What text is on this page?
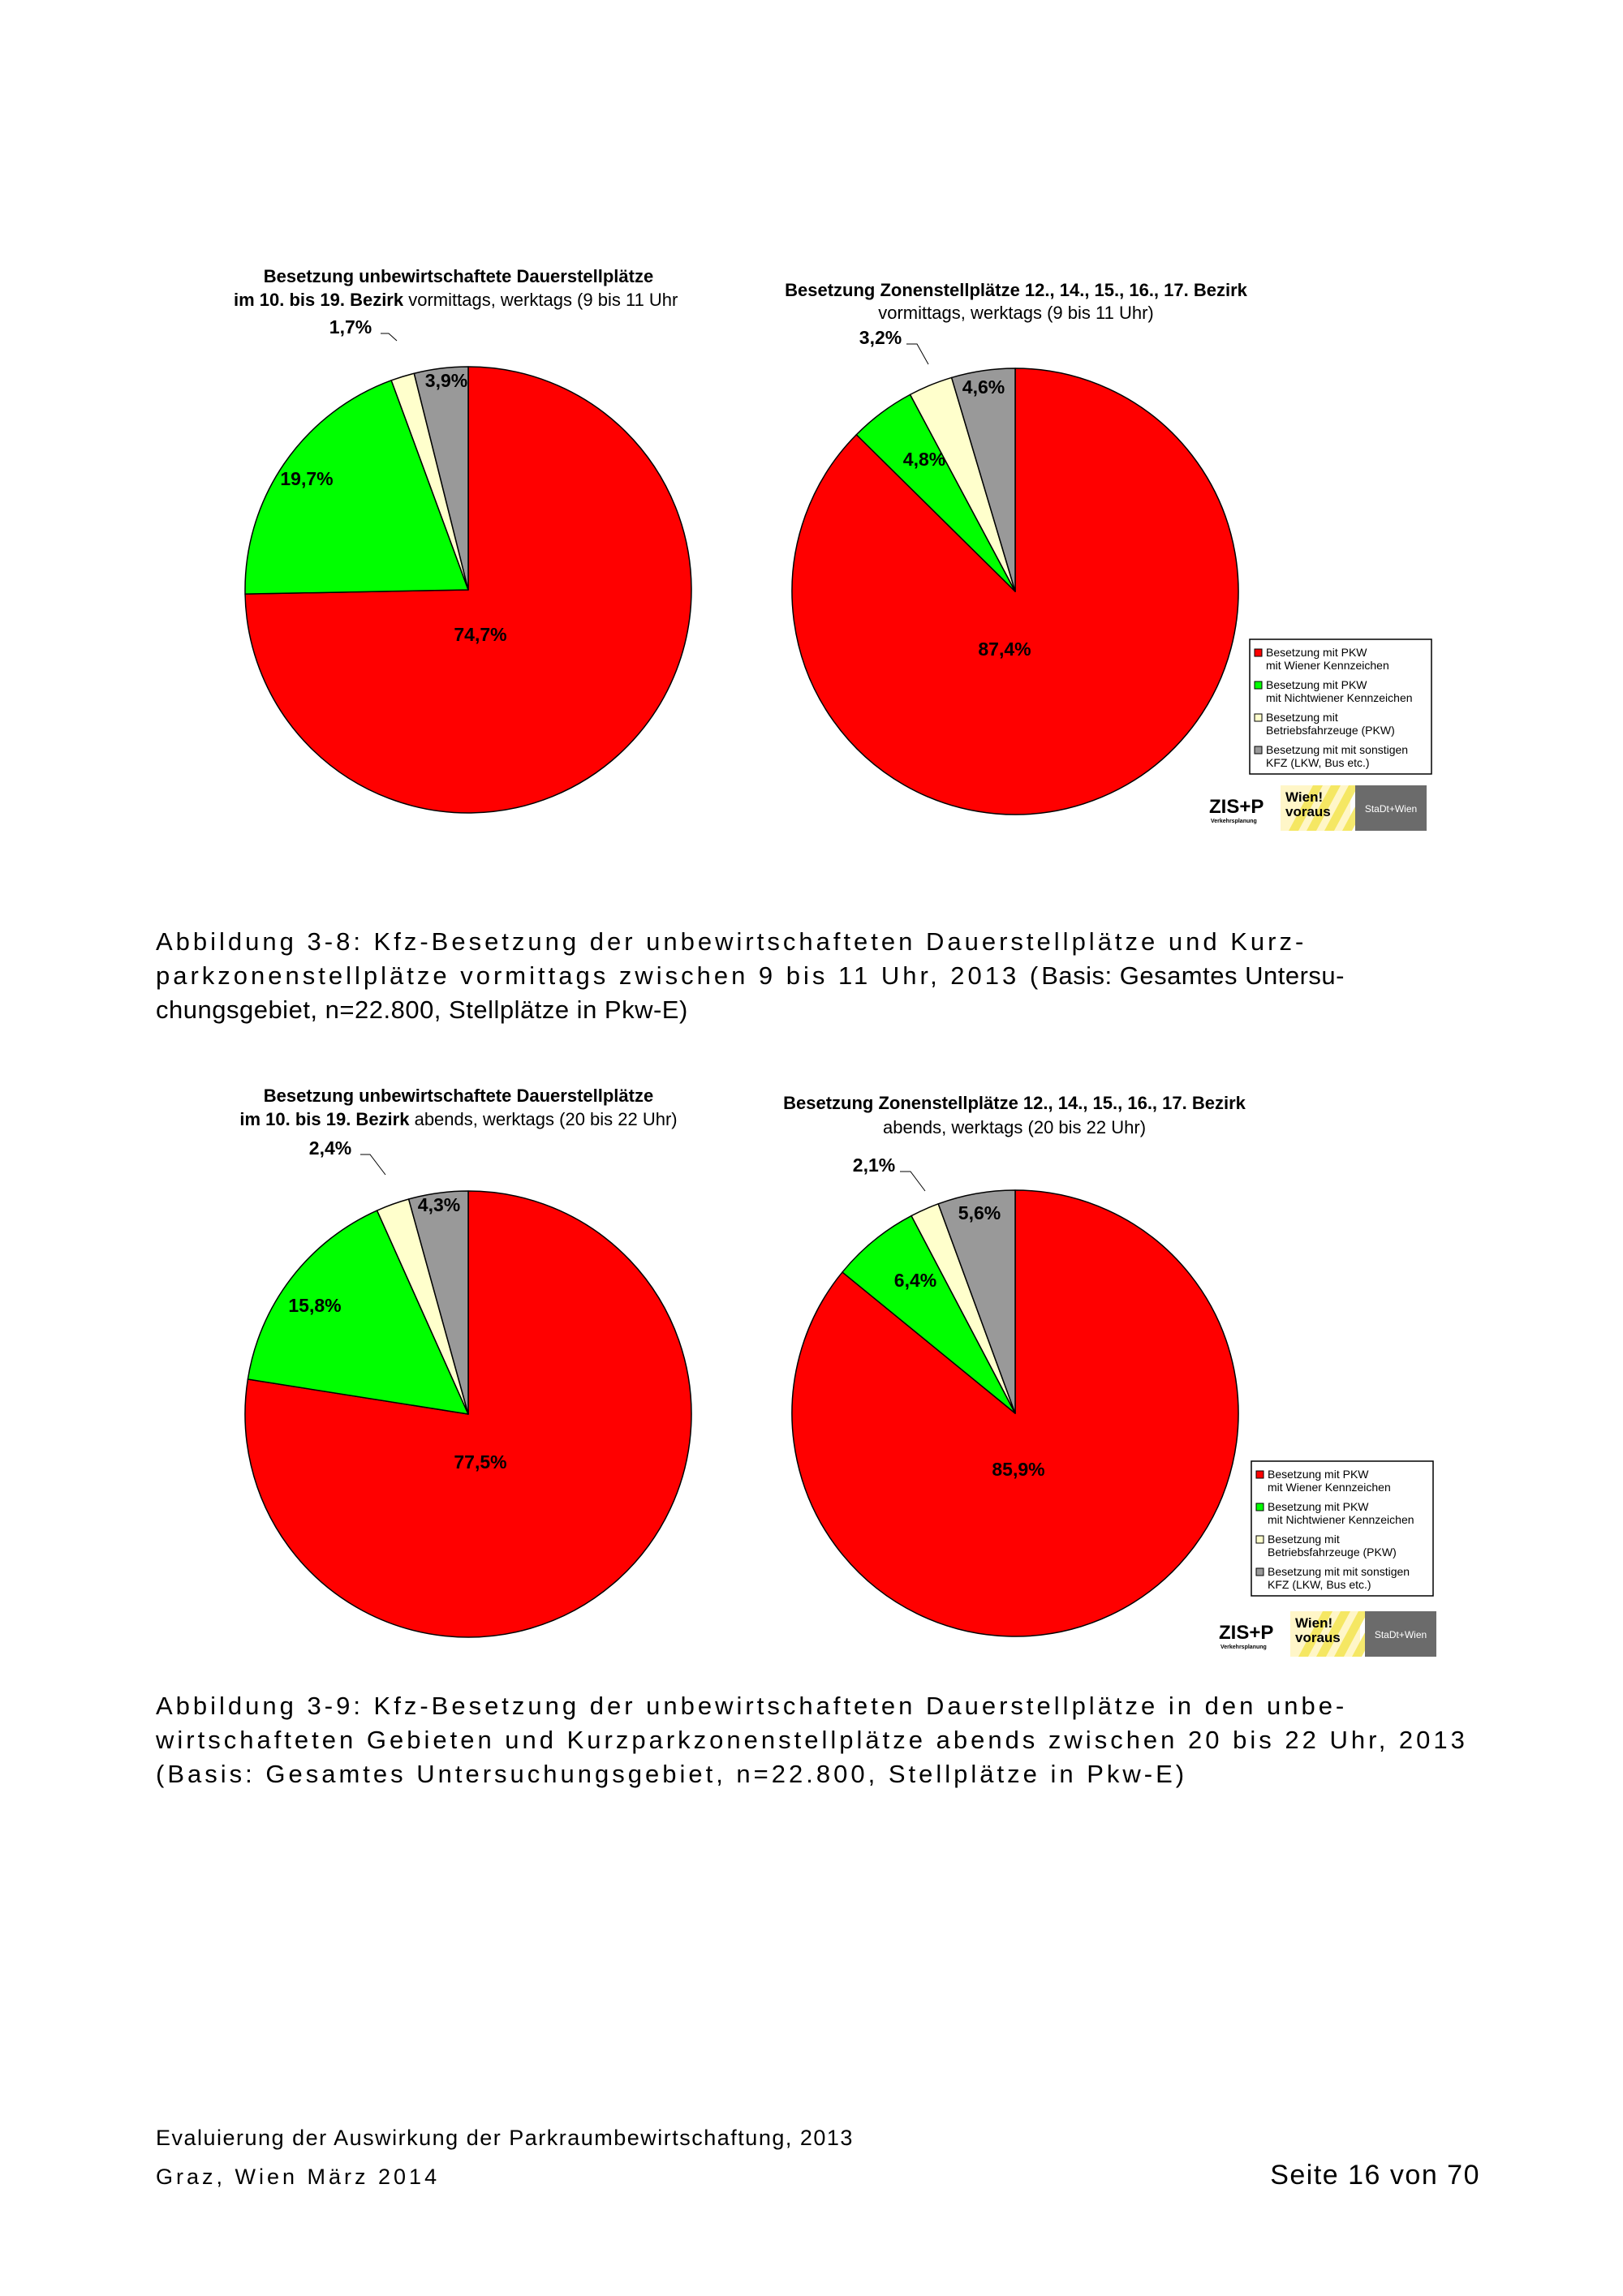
Besetzung unbewirtschaftete Dauerstellplätze
im 10. bis 19. Bezirk vormittags, werktags (9 bis 11 Uhr
74,7%
19,7%
1,7%
3,9%
Besetzung Zonenstellplätze 12., 14., 15., 16., 17. Bezirk
vormittags, werktags (9 bis 11 Uhr)
87,4%
4,8%
3,2%
4,6%
Besetzung mit PKW
mit Wiener Kennzeichen
Besetzung mit PKW
mit Nichtwiener Kennzeichen
Besetzung mit
Betriebsfahrzeuge (PKW)
Besetzung mit mit sonstigen
KFZ (LKW, Bus etc.)
ZIS+P
Verkehrsplanung
Wien!
voraus	StaDt+Wien
Abbildung 3-8: Kfz-Besetzung der unbewirtschafteten Dauerstellplätze und Kurz-parkzonenstellplätze vormittags zwischen 9 bis 11 Uhr, 2013 (Basis: Gesamtes Untersu-chungsgebiet, n=22.800, Stellplätze in Pkw-E)
Besetzung unbewirtschaftete Dauerstellplätze
im 10. bis 19. Bezirk abends, werktags (20 bis 22 Uhr)
77,5%
15,8%
2,4%
4,3%
Besetzung Zonenstellplätze 12., 14., 15., 16., 17. Bezirk
abends, werktags (20 bis 22 Uhr)
85,9%
6,4%
2,1%
5,6%
Besetzung mit PKW
mit Wiener Kennzeichen
Besetzung mit PKW
mit Nichtwiener Kennzeichen
Besetzung mit
Betriebsfahrzeuge (PKW)
Besetzung mit mit sonstigen
KFZ (LKW, Bus etc.)
ZIS+P
Verkehrsplanung
Wien!
voraus	StaDt+Wien
Abbildung 3-9: Kfz-Besetzung der unbewirtschafteten Dauerstellplätze in den unbe-wirtschafteten Gebieten und Kurzparkzonenstellplätze abends zwischen 20 bis 22 Uhr, 2013 (Basis: Gesamtes Untersuchungsgebiet, n=22.800, Stellplätze in Pkw-E)
Evaluierung der Auswirkung der Parkraumbewirtschaftung, 2013
Graz, Wien März 2014	Seite 16 von 70
